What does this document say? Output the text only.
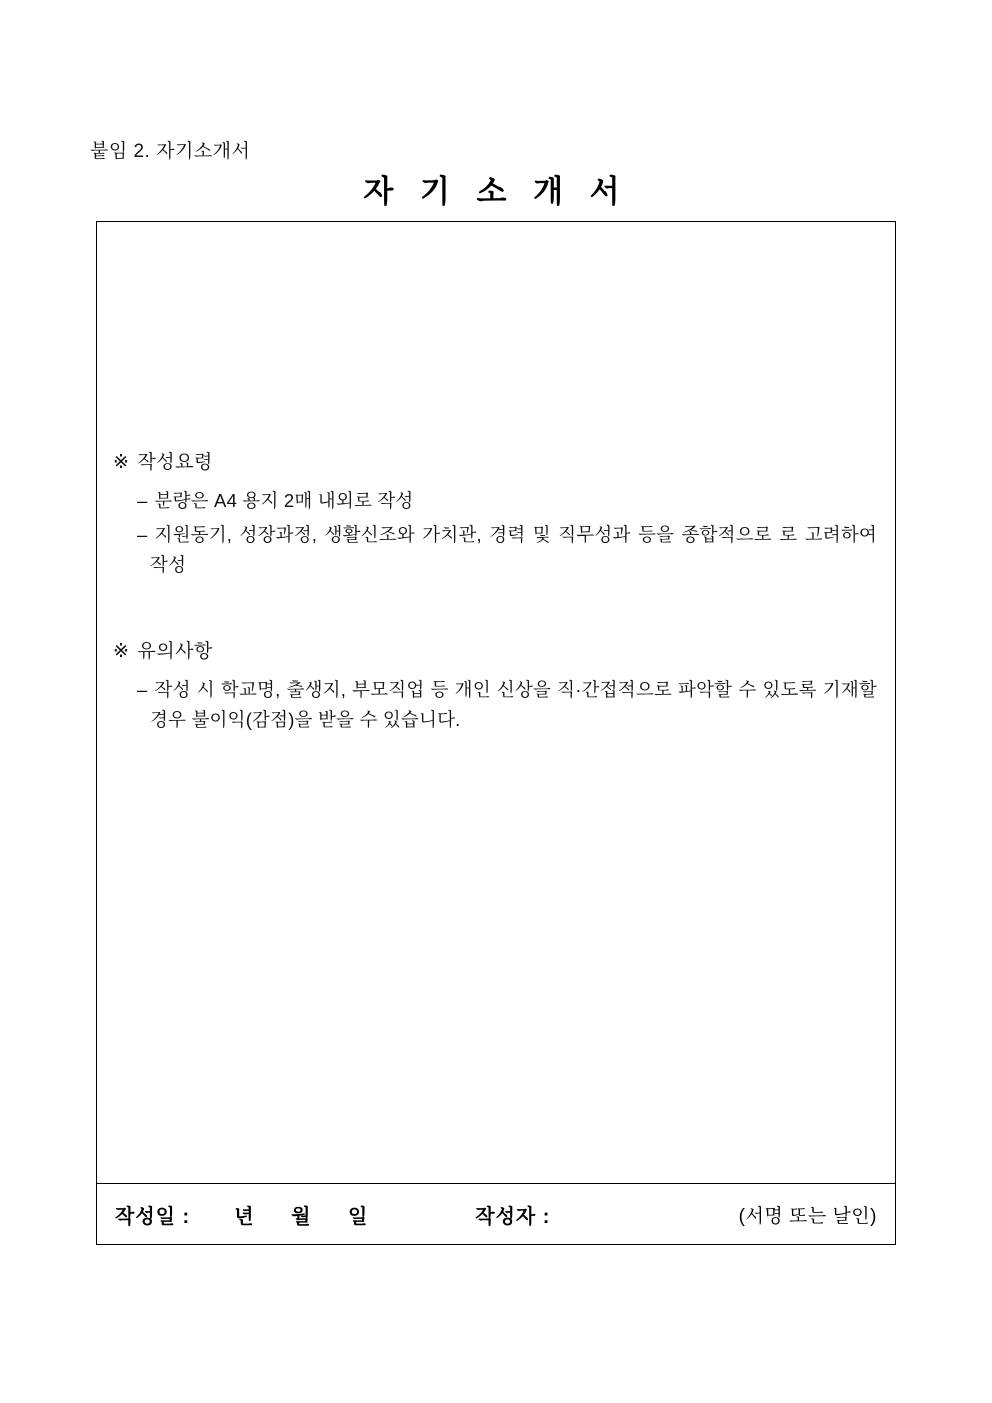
붙임 2. 자기소개서
자 기 소 개 서
※ 작성요령
– 분량은 A4 용지 2매 내외로 작성
– 지원동기, 성장과정, 생활신조와 가치관, 경력 및 직무성과 등을 종합적으로 로 고려하여 작성
※ 유의사항
– 작성 시 학교명, 출생지, 부모직업 등 개인 신상을 직·간접적으로 파악할 수 있도록 기재할 경우 불이익(감점)을 받을 수 있습니다.
작성일 : 년 월 일	작성자 :	(서명 또는 날인)
